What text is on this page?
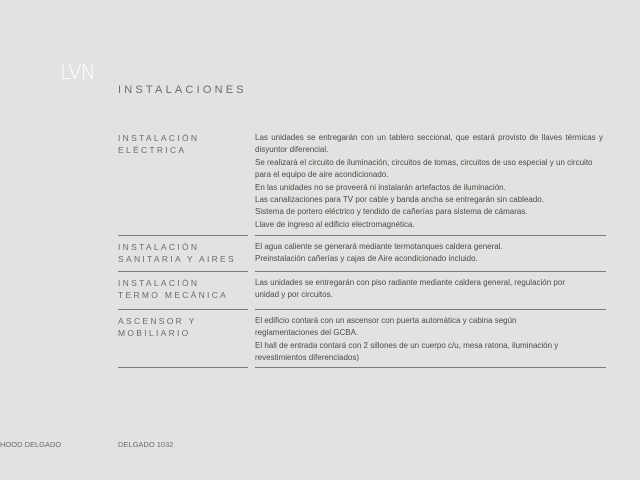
LVN
INSTALACIONES
INSTALACIÓN
ELÉCTRICA

Las unidades se entregarán con un tablero seccional, que estará provisto de llaves térmicas y disyuntor diferencial.

Se realizará el circuito de iluminación, circuitos de tomas, circuitos de uso especial y un circuito para el equipo de aire acondicionado.

En las unidades no se proveerá ni instalarán artefactos de iluminación.

Las canalizaciones para TV por cable y banda ancha se entregarán sin cableado.

Sistema de portero eléctrico y tendido de cañerías para sistema de cámaras.

Llave de ingreso al edificio electromagnética.

INSTALACIÓN
SANITARIA Y AIRES

El agua caliente se generará mediante termotanques caldera general.

Preinstalación cañerías y cajas de Aire acondicionado incluido.

INSTALACIÓN
TERMO MECÁNICA

Las unidades se entregarán con piso radiante mediante caldera general, regulación por unidad y por circuitos.

ASCENSOR Y
MOBILIARIO

El edificio contará con un ascensor con puerta automática y cabina según reglamentaciones del GCBA.

El hall de entrada contará con 2 sillones de un cuerpo c/u, mesa ratona, iluminación y revestimientos diferenciados)

HOOD DELGADO	DELGADO 1032
